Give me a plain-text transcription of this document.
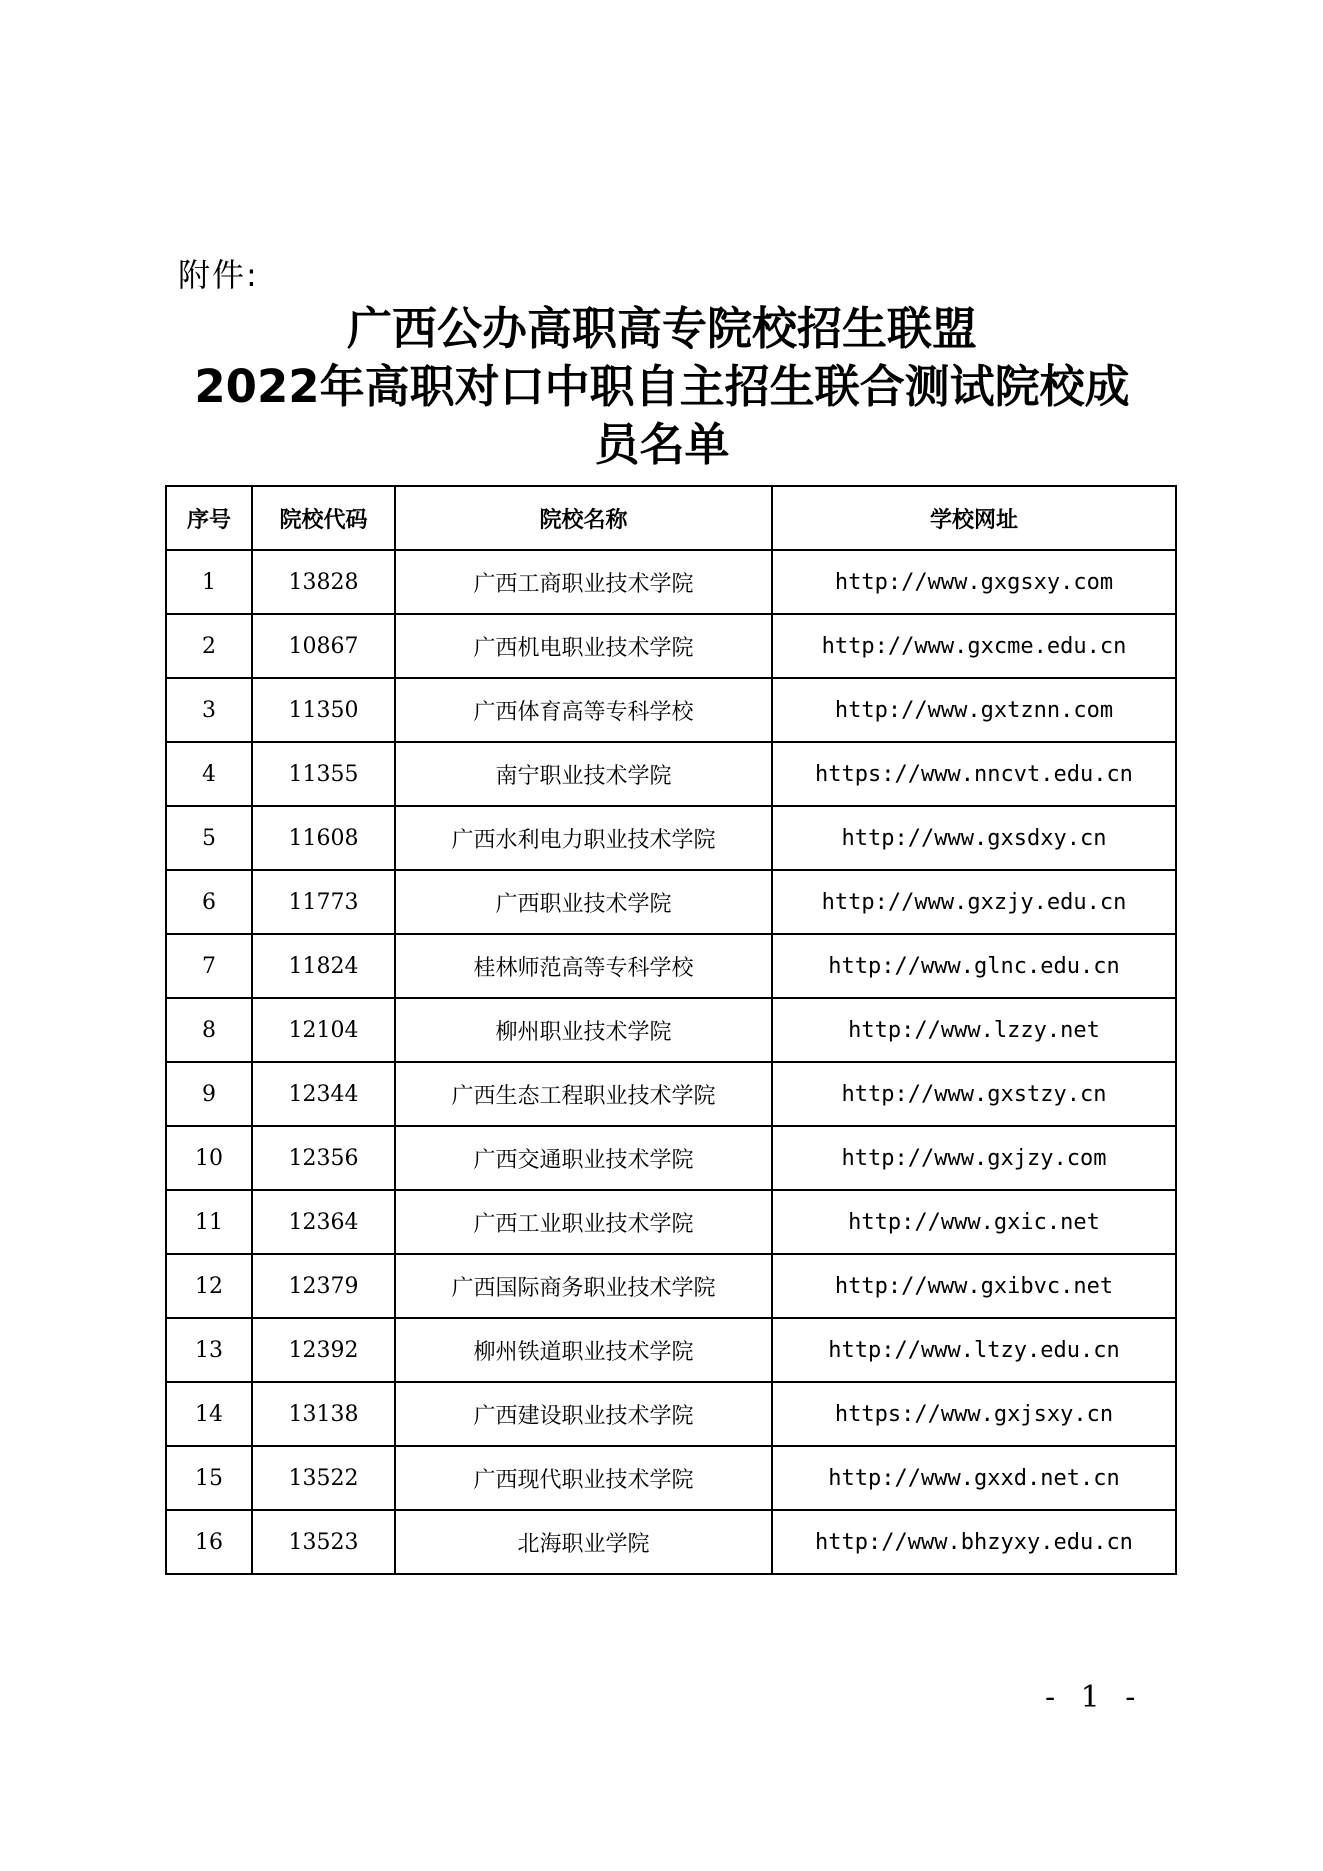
附件:
广西公办高职高专院校招生联盟
2022年高职对口中职自主招生联合测试院校成
员名单
序号	院校代码	院校名称	学校网址
1	13828	广西工商职业技术学院	http://www.gxgsxy.com
2	10867	广西机电职业技术学院	http://www.gxcme.edu.cn
3	11350	广西体育高等专科学校	http://www.gxtznn.com
4	11355	南宁职业技术学院	https://www.nncvt.edu.cn
5	11608	广西水利电力职业技术学院	http://www.gxsdxy.cn
6	11773	广西职业技术学院	http://www.gxzjy.edu.cn
7	11824	桂林师范高等专科学校	http://www.glnc.edu.cn
8	12104	柳州职业技术学院	http://www.lzzy.net
9	12344	广西生态工程职业技术学院	http://www.gxstzy.cn
10	12356	广西交通职业技术学院	http://www.gxjzy.com
11	12364	广西工业职业技术学院	http://www.gxic.net
12	12379	广西国际商务职业技术学院	http://www.gxibvc.net
13	12392	柳州铁道职业技术学院	http://www.ltzy.edu.cn
14	13138	广西建设职业技术学院	https://www.gxjsxy.cn
15	13522	广西现代职业技术学院	http://www.gxxd.net.cn
16	13523	北海职业学院	http://www.bhzyxy.edu.cn
- 1 -
